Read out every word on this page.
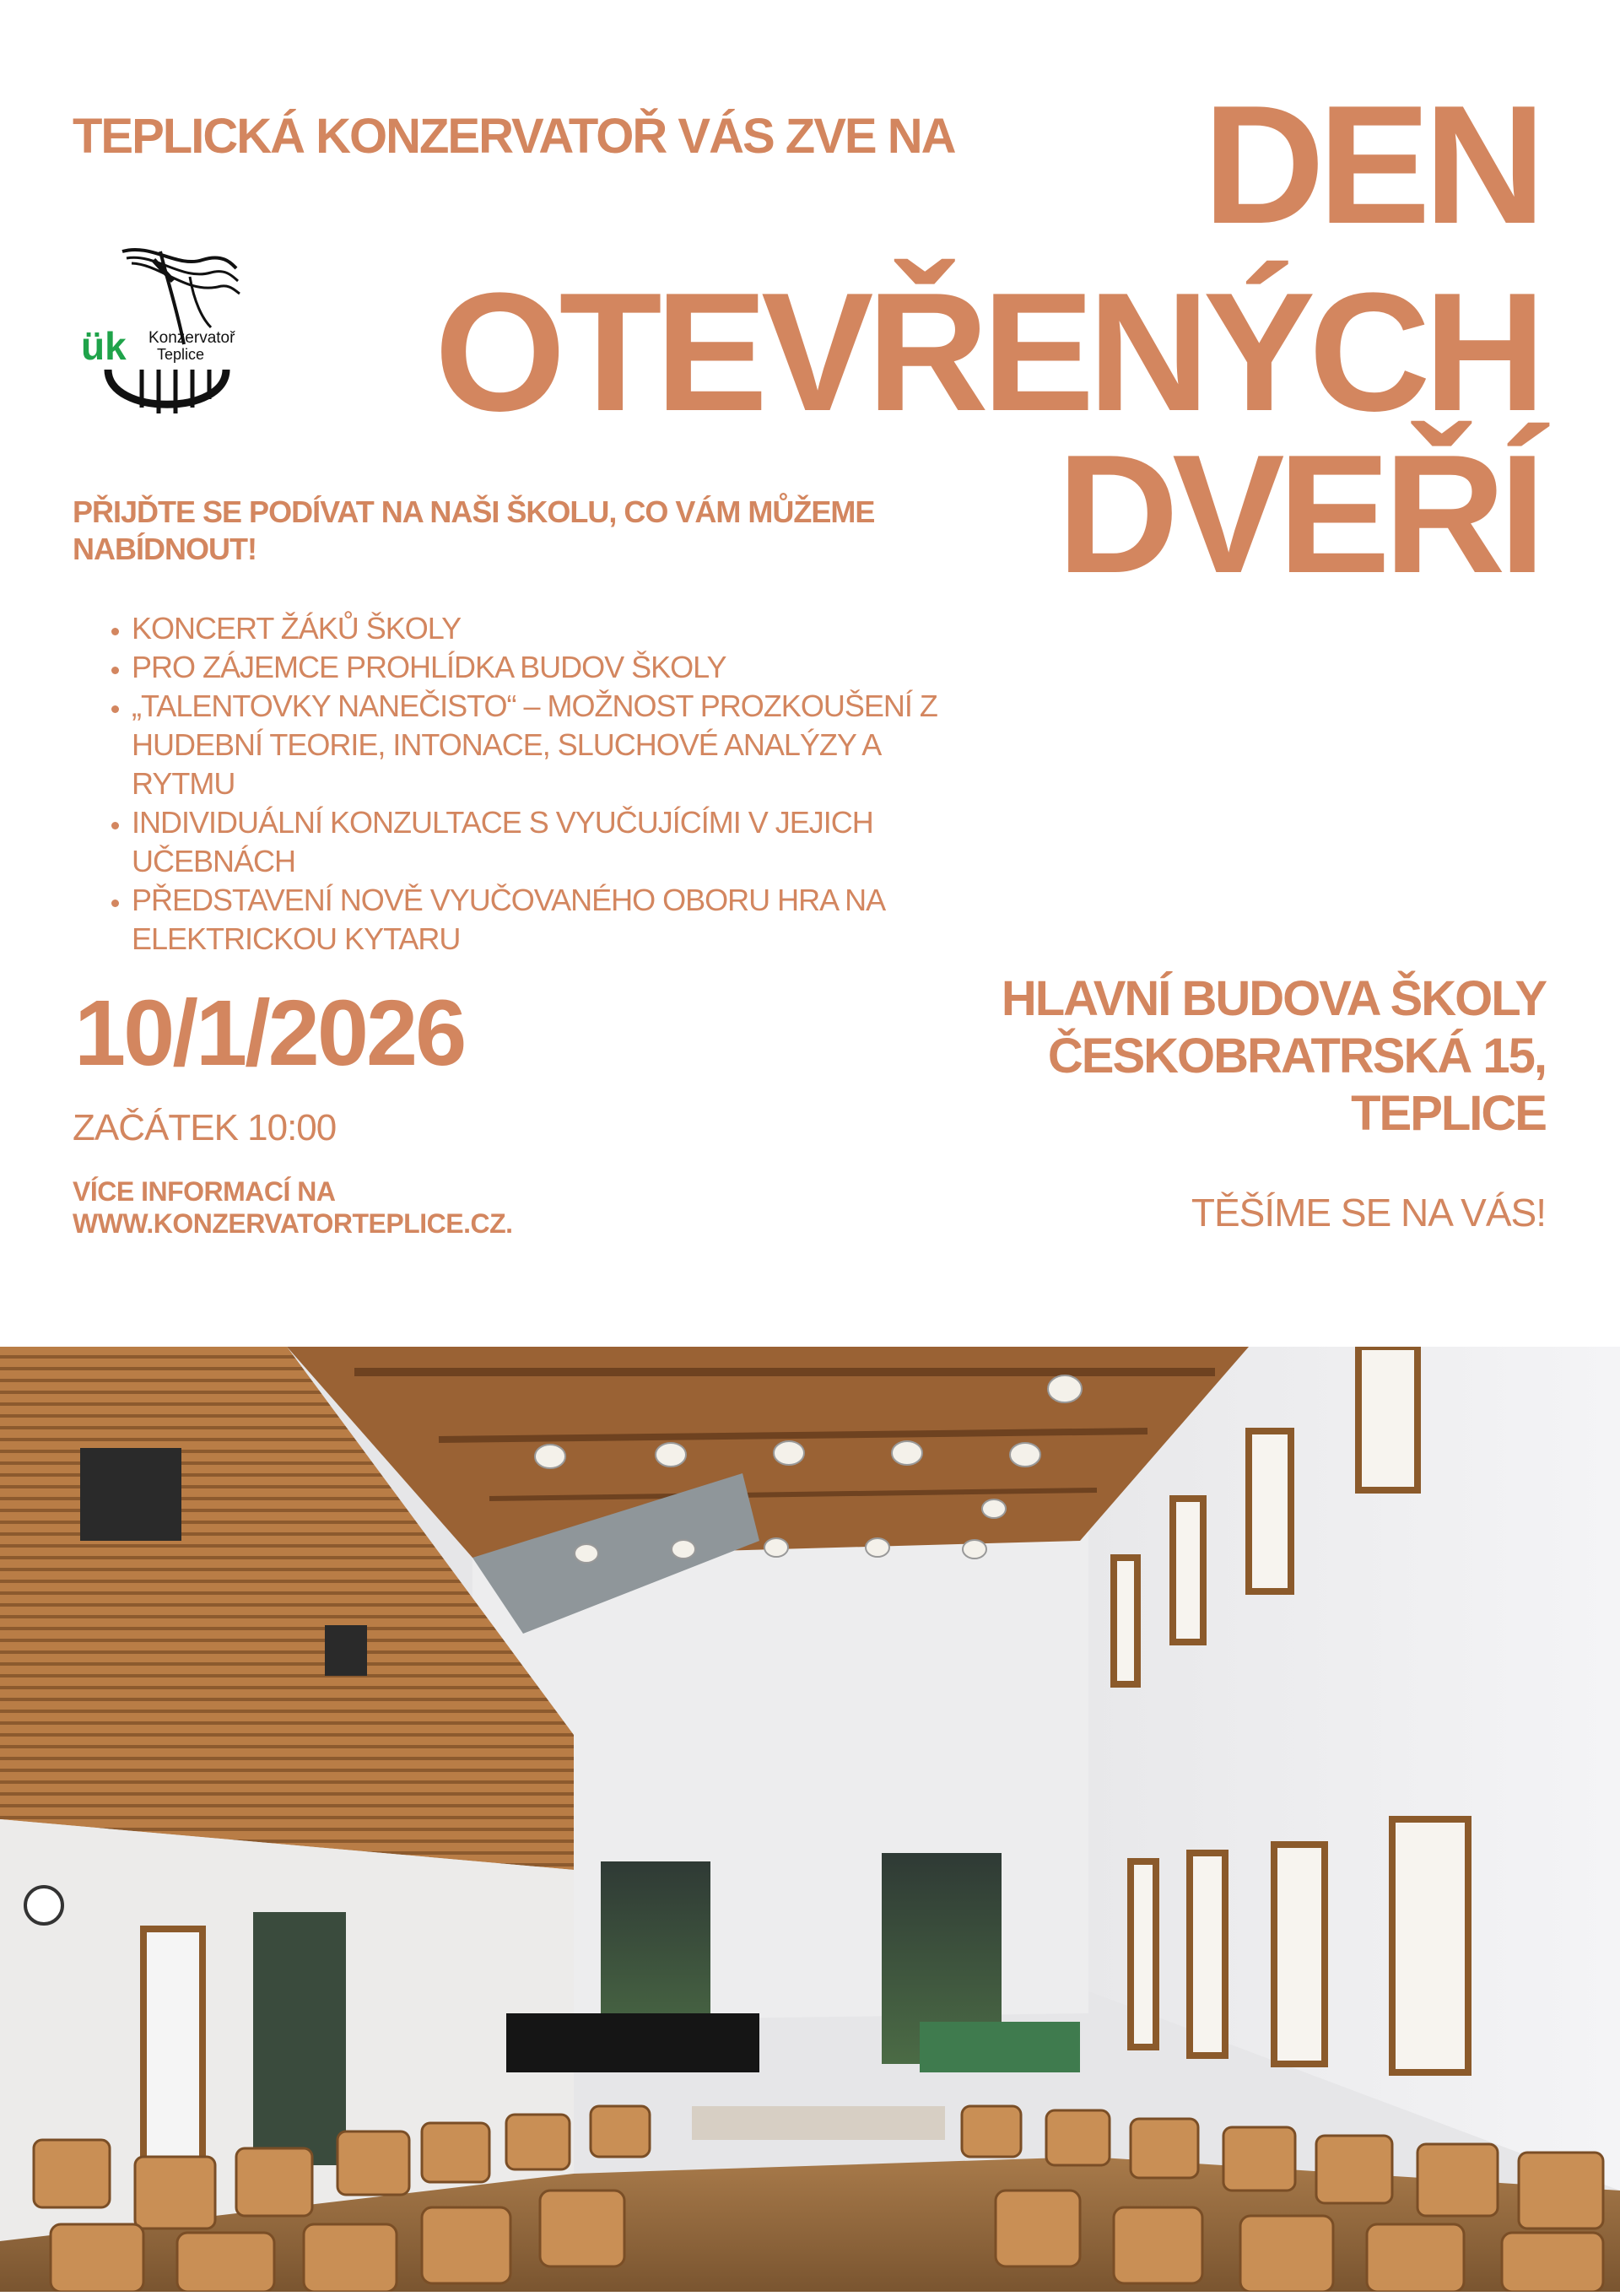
TEPLICKÁ KONZERVATOŘ VÁS ZVE NA DEN
OTEVŘENÝCH
DVEŘÍ
ük Konzervatoř
Teplice
PŘIJĎTE SE PODÍVAT NA NAŠI ŠKOLU, CO VÁM MŮŽEME NABÍDNOUT!
• KONCERT ŽÁKŮ ŠKOLY
• PRO ZÁJEMCE PROHLÍDKA BUDOV ŠKOLY
• „TALENTOVKY NANEČISTO“ – MOŽNOST PROZKOUŠENÍ Z HUDEBNÍ TEORIE, INTONACE, SLUCHOVÉ ANALÝZY A RYTMU
• INDIVIDUÁLNÍ KONZULTACE S VYUČUJÍCÍMI V JEJICH UČEBNÁCH
• PŘEDSTAVENÍ NOVĚ VYUČOVANÉHO OBORU HRA NA ELEKTRICKOU KYTARU
10/1/2026
ZAČÁTEK 10:00
VÍCE INFORMACÍ NA
WWW.KONZERVATORTEPLICE.CZ.
HLAVNÍ BUDOVA ŠKOLY
ČESKOBRATRSKÁ 15,
TEPLICE
TĚŠÍME SE NA VÁS!
